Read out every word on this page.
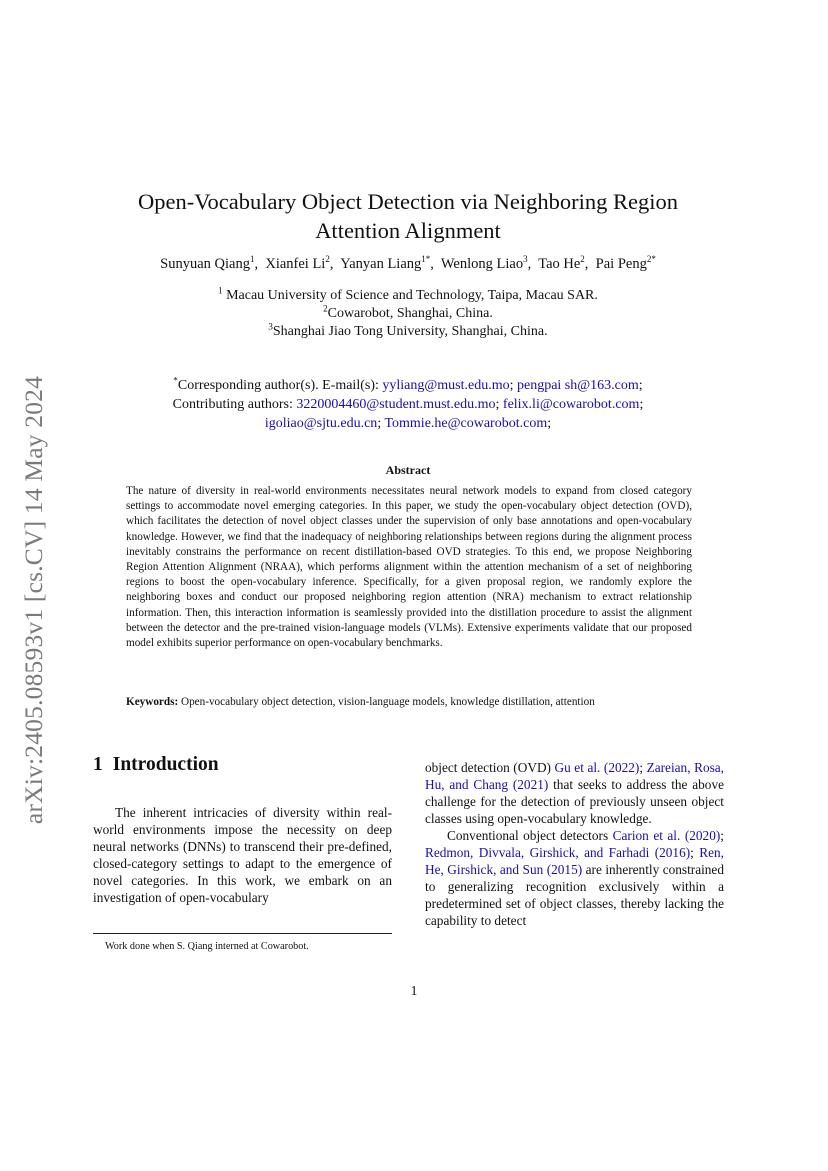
arXiv:2405.08593v1 [cs.CV] 14 May 2024
Open-Vocabulary Object Detection via Neighboring Region Attention Alignment
Sunyuan Qiang$^1$,  Xianfei Li$^2$,  Yanyan Liang$^{1*}$,  Wenlong Liao$^3$,  Tao He$^2$,  Pai Peng$^{2*}$
$^1$ Macau University of Science and Technology, Taipa, Macau SAR.
$^2$Cowarobot, Shanghai, China.
$^3$Shanghai Jiao Tong University, Shanghai, China.
*Corresponding author(s). E-mail(s): yyliang@must.edu.mo; pengpai sh@163.com;
Contributing authors: 3220004460@student.must.edu.mo; felix.li@cowarobot.com;
igoliao@sjtu.edu.cn; Tommie.he@cowarobot.com;
Abstract

The nature of diversity in real-world environments necessitates neural network models to expand from closed category settings to accommodate novel emerging categories. In this paper, we study the open-vocabulary object detection (OVD), which facilitates the detection of novel object classes under the supervision of only base annotations and open-vocabulary knowledge. However, we find that the inadequacy of neighboring relationships between regions during the alignment process inevitably constrains the performance on recent distillation-based OVD strategies. To this end, we propose Neighboring Region Attention Alignment (NRAA), which performs alignment within the attention mechanism of a set of neighboring regions to boost the open-vocabulary inference. Specifically, for a given proposal region, we randomly explore the neighboring boxes and conduct our proposed neighboring region attention (NRA) mechanism to extract relationship information. Then, this interaction information is seamlessly provided into the distillation procedure to assist the alignment between the detector and the pre-trained vision-language models (VLMs). Extensive experiments validate that our proposed model exhibits superior performance on open-vocabulary benchmarks.

Keywords: Open-vocabulary object detection, vision-language models, knowledge distillation, attention
1 Introduction

The inherent intricacies of diversity within real-world environments impose the necessity on deep neural networks (DNNs) to transcend their pre-defined, closed-category settings to adapt to the emergence of novel categories. In this work, we embark on an investigation of open-vocabulary

object detection (OVD) Gu et al. (2022); Zareian, Rosa, Hu, and Chang (2021) that seeks to address the above challenge for the detection of previously unseen object classes using open-vocabulary knowledge.

Conventional object detectors Carion et al. (2020); Redmon, Divvala, Girshick, and Farhadi (2016); Ren, He, Girshick, and Sun (2015) are inherently constrained to generalizing recognition exclusively within a predetermined set of object classes, thereby lacking the capability to detect

Work done when S. Qiang interned at Cowarobot.
1
